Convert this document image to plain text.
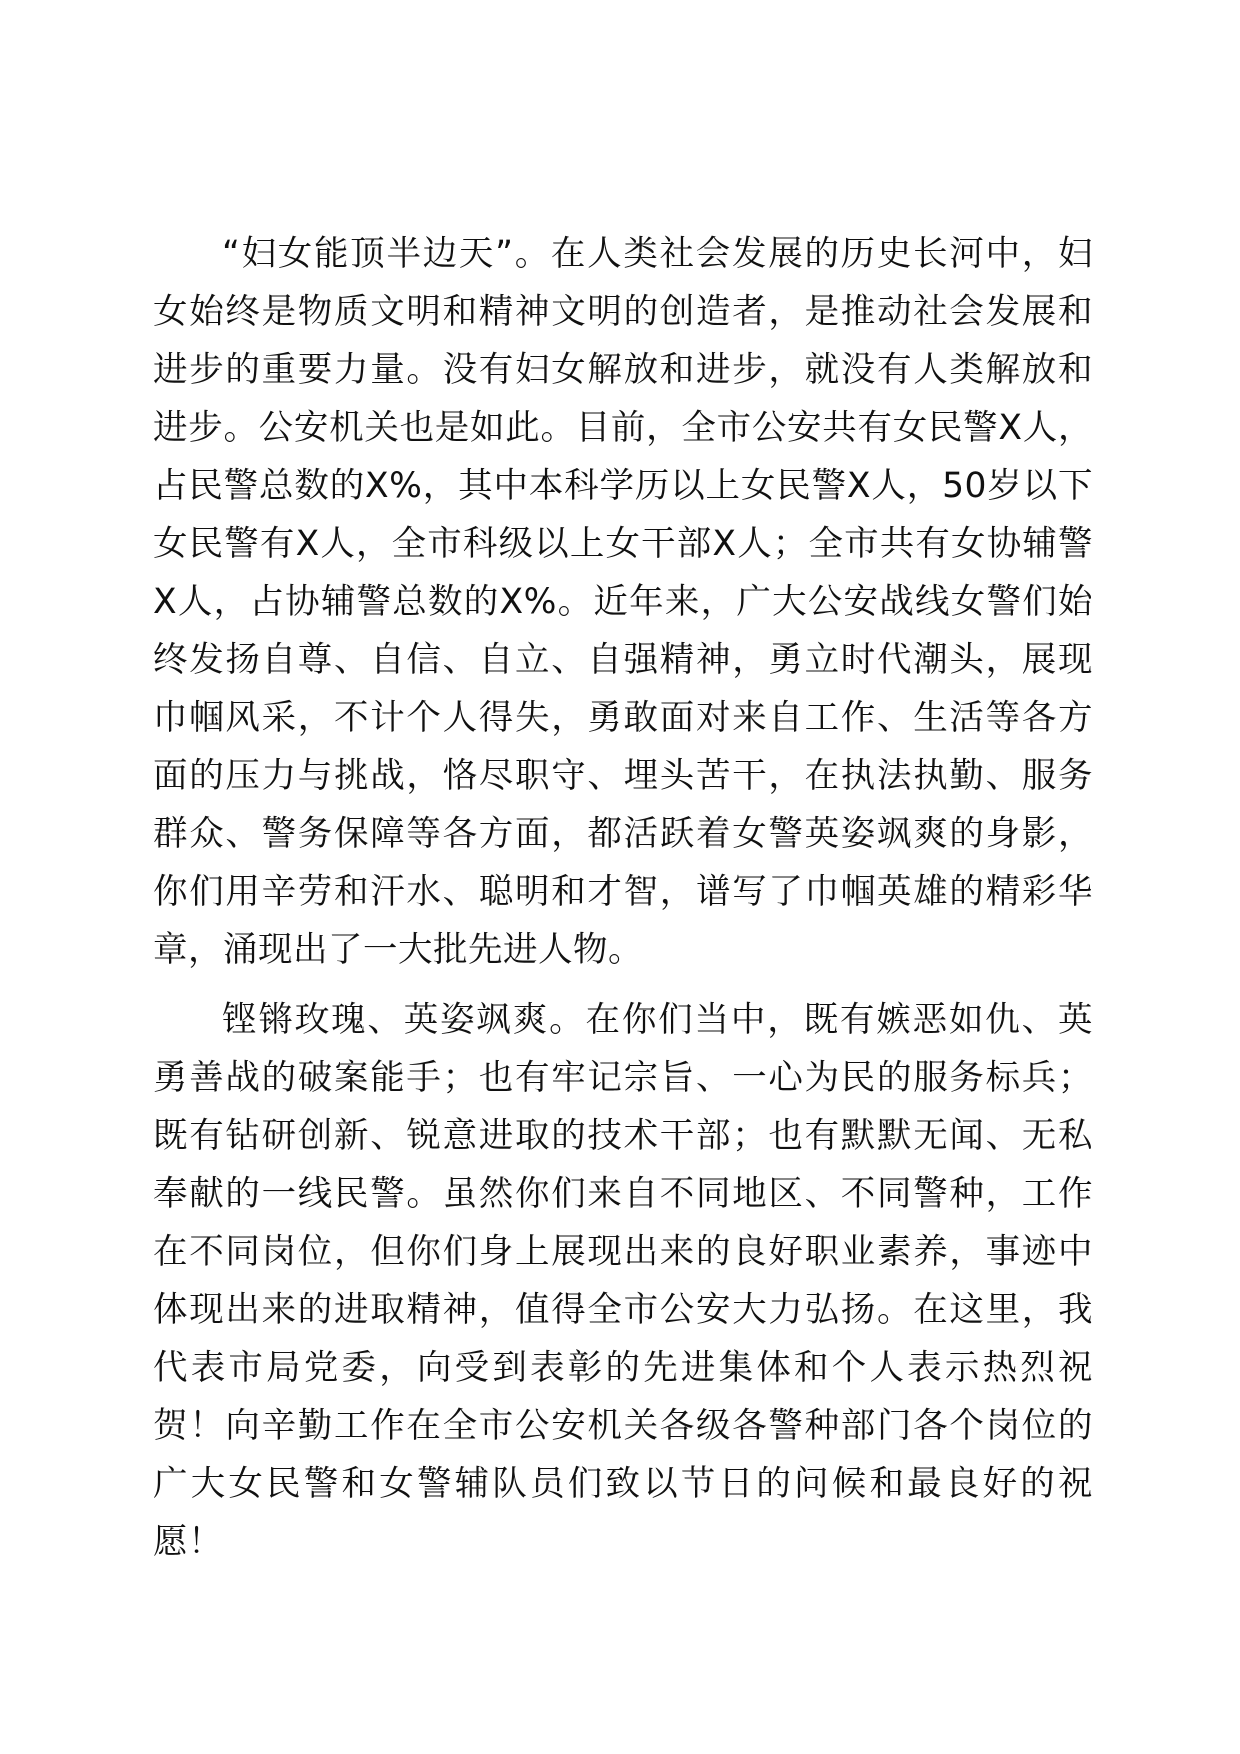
“妇女能顶半边天”。在人类社会发展的历史长河中，妇女始终是物质文明和精神文明的创造者，是推动社会发展和进步的重要力量。没有妇女解放和进步，就没有人类解放和进步。公安机关也是如此。目前，全市公安共有女民警X人，占民警总数的X%，其中本科学历以上女民警X人，50岁以下女民警有X人，全市科级以上女干部X人；全市共有女协辅警X人，占协辅警总数的X%。近年来，广大公安战线女警们始终发扬自尊、自信、自立、自强精神，勇立时代潮头，展现巾帼风采，不计个人得失，勇敢面对来自工作、生活等各方面的压力与挑战，恪尽职守、埋头苦干，在执法执勤、服务群众、警务保障等各方面，都活跃着女警英姿飒爽的身影，你们用辛劳和汗水、聪明和才智，谱写了巾帼英雄的精彩华章，涌现出了一大批先进人物。

铿锵玫瑰、英姿飒爽。在你们当中，既有嫉恶如仇、英勇善战的破案能手；也有牢记宗旨、一心为民的服务标兵；既有钻研创新、锐意进取的技术干部；也有默默无闻、无私奉献的一线民警。虽然你们来自不同地区、不同警种，工作在不同岗位，但你们身上展现出来的良好职业素养，事迹中体现出来的进取精神，值得全市公安大力弘扬。在这里，我代表市局党委，向受到表彰的先进集体和个人表示热烈祝贺！向辛勤工作在全市公安机关各级各警种部门各个岗位的广大女民警和女警辅队员们致以节日的问候和最良好的祝愿！
